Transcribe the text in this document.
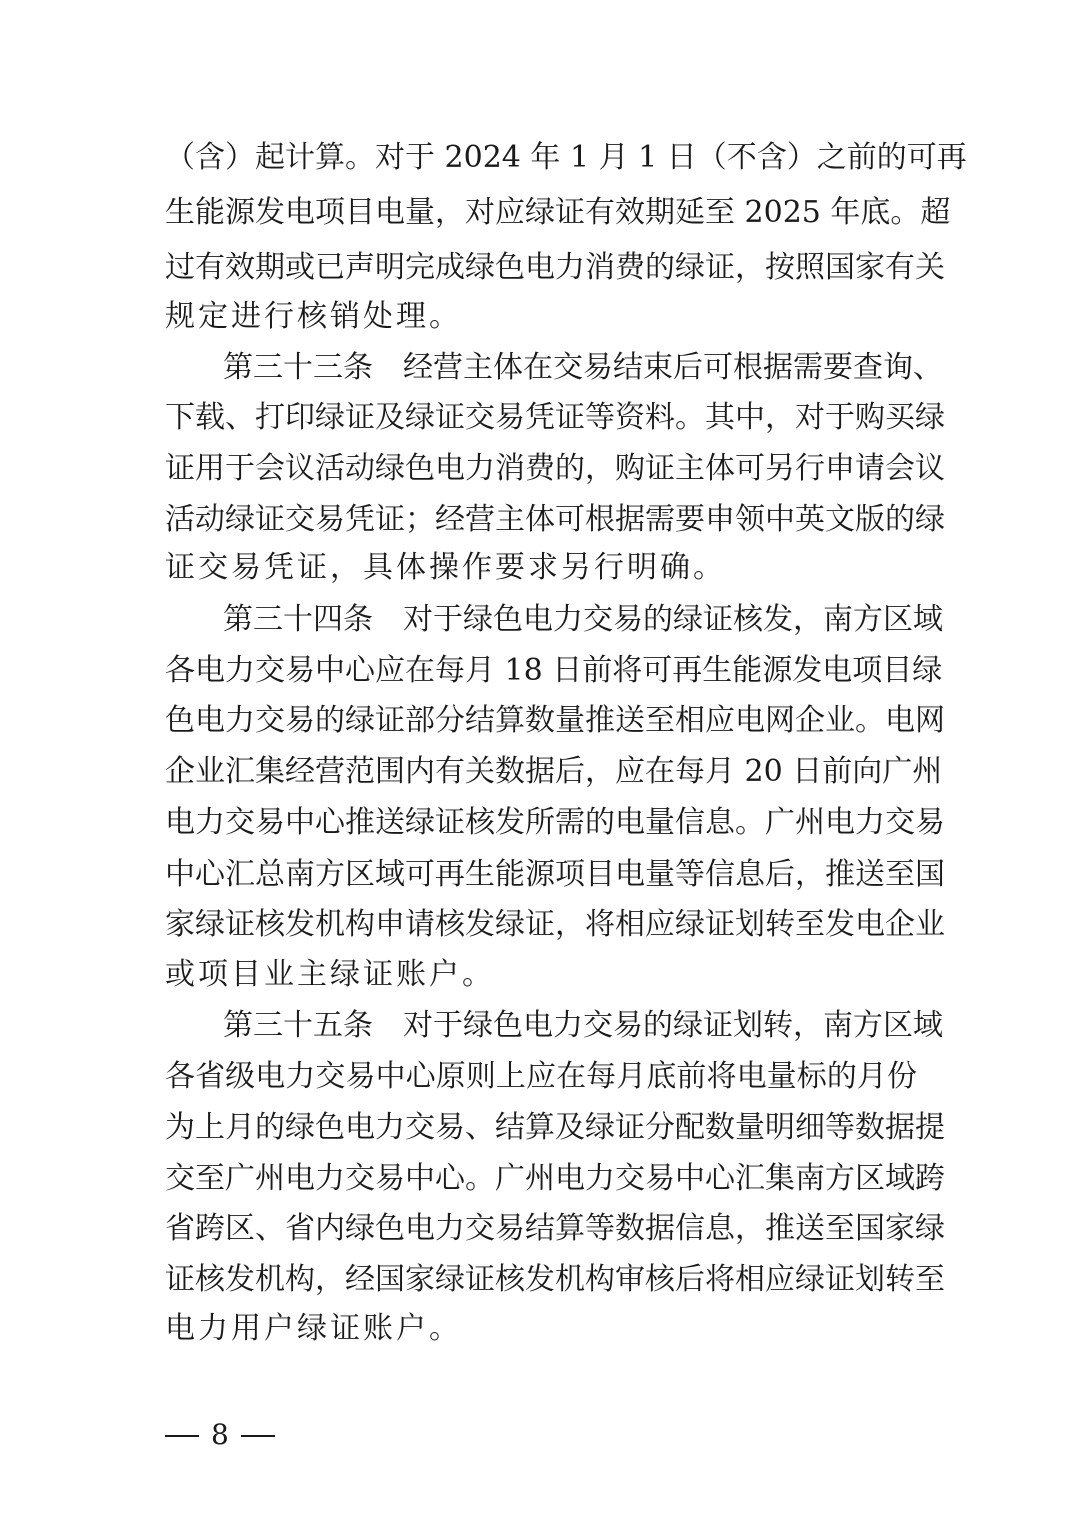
（含）起计算。对于 2024 年 1 月 1 日（不含）之前的可再
生能源发电项目电量，对应绿证有效期延至 2025 年底。超
过有效期或已声明完成绿色电力消费的绿证，按照国家有关
规定进行核销处理。
第三十三条　经营主体在交易结束后可根据需要查询、
下载、打印绿证及绿证交易凭证等资料。其中，对于购买绿
证用于会议活动绿色电力消费的，购证主体可另行申请会议
活动绿证交易凭证；经营主体可根据需要申领中英文版的绿
证交易凭证，具体操作要求另行明确。
第三十四条　对于绿色电力交易的绿证核发，南方区域
各电力交易中心应在每月 18 日前将可再生能源发电项目绿
色电力交易的绿证部分结算数量推送至相应电网企业。电网
企业汇集经营范围内有关数据后，应在每月 20 日前向广州
电力交易中心推送绿证核发所需的电量信息。广州电力交易
中心汇总南方区域可再生能源项目电量等信息后，推送至国
家绿证核发机构申请核发绿证，将相应绿证划转至发电企业
或项目业主绿证账户。
第三十五条　对于绿色电力交易的绿证划转，南方区域
各省级电力交易中心原则上应在每月底前将电量标的月份
为上月的绿色电力交易、结算及绿证分配数量明细等数据提
交至广州电力交易中心。广州电力交易中心汇集南方区域跨
省跨区、省内绿色电力交易结算等数据信息，推送至国家绿
证核发机构，经国家绿证核发机构审核后将相应绿证划转至
电力用户绿证账户。
8
